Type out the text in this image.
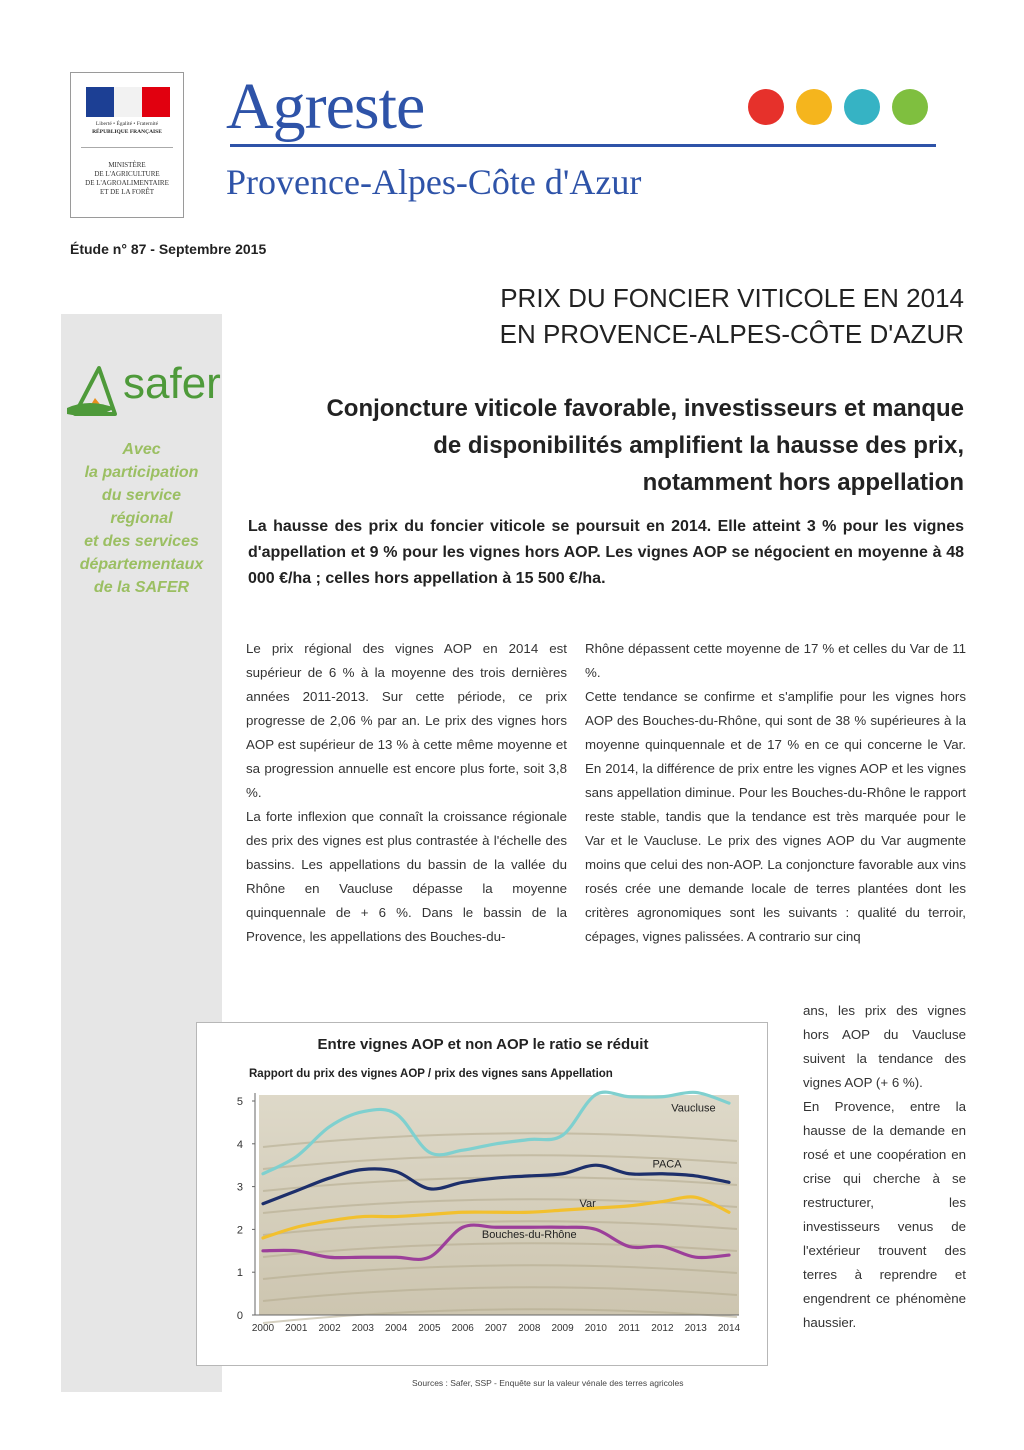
Liberté • Égalité • Fraternité
RÉPUBLIQUE FRANÇAISE
MINISTÈRE
DE L'AGRICULTURE
DE L'AGROALIMENTAIRE
ET DE LA FORÊT
Agreste
Provence-Alpes-Côte d'Azur
Étude n° 87 - Septembre 2015
safer
Avec
la participation
du service
régional
et des services
départementaux
de la SAFER
PRIX DU FONCIER VITICOLE EN 2014
EN PROVENCE-ALPES-CÔTE D'AZUR
Conjoncture viticole favorable, investisseurs et manque
de disponibilités amplifient la hausse des prix,
notamment hors appellation
La hausse des prix du foncier viticole se poursuit en 2014. Elle atteint 3 % pour les vignes d'appellation et 9 % pour les vignes hors AOP. Les vignes AOP se négocient en moyenne à 48 000 €/ha ; celles hors appellation à 15 500 €/ha.

Le prix régional des vignes AOP en 2014 est supérieur de 6 % à la moyenne des trois dernières années 2011-2013. Sur cette période, ce prix progresse de 2,06 % par an. Le prix des vignes hors AOP est supérieur de 13 % à cette même moyenne et sa progression annuelle est encore plus forte, soit 3,8 %.

La forte inflexion que connaît la croissance régionale des prix des vignes est plus contrastée à l'échelle des bassins. Les appellations du bassin de la vallée du Rhône en Vaucluse dépasse la moyenne quinquennale de + 6 %. Dans le bassin de la Provence, les appellations des Bouches-du-

Rhône dépassent cette moyenne de 17 % et celles du Var de 11 %.

Cette tendance se confirme et s'amplifie pour les vignes hors AOP des Bouches-du-Rhône, qui sont de 38 % supérieures à la moyenne quinquennale et de 17 % en ce qui concerne le Var. En 2014, la différence de prix entre les vignes AOP et les vignes sans appellation diminue. Pour les Bouches-du-Rhône le rapport reste stable, tandis que la tendance est très marquée pour le Var et le Vaucluse. Le prix des vignes AOP du Var augmente moins que celui des non-AOP. La conjoncture favorable aux vins rosés crée une demande locale de terres plantées dont les critères agronomiques sont les suivants : qualité du terroir, cépages, vignes palissées. A contrario sur cinq

ans, les prix des vignes hors AOP du Vaucluse suivent la tendance des vignes AOP (+ 6 %).

En Provence, entre la hausse de la demande en rosé et une coopération en crise qui cherche à se restructurer, les investisseurs venus de l'extérieur trouvent des terres à reprendre et engendrent ce phénomène haussier.

Entre vignes AOP et non AOP le ratio se réduit
Rapport du prix des vignes AOP / prix des vignes sans Appellation
0
1
2
3
4
5
2000 2001 2002 2003 2004 2005 2006 2007 2008 2009 2010 2011 2012 2013 2014
Vaucluse
PACA
Var
Bouches-du-Rhône
Sources : Safer, SSP - Enquête sur la valeur vénale des terres agricoles
